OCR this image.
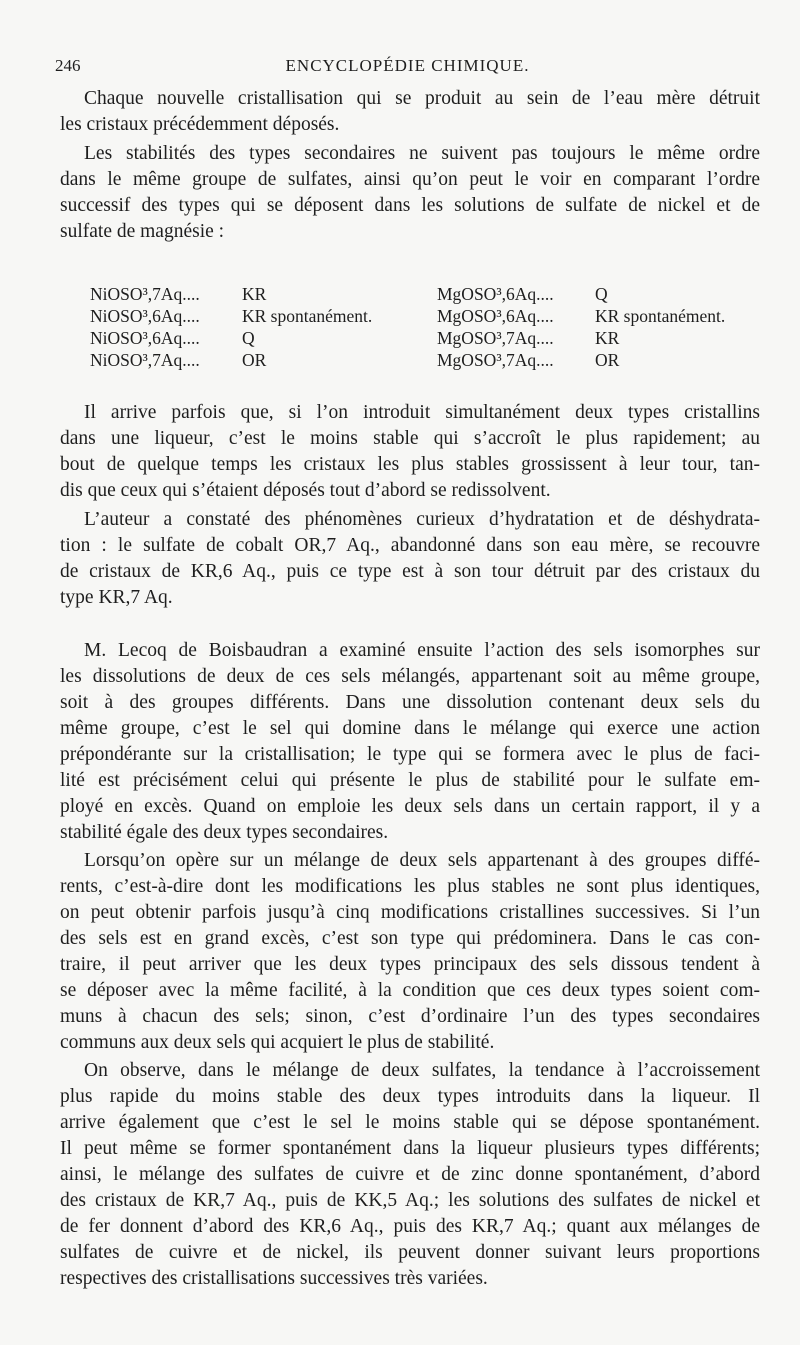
246	ENCYCLOPÉDIE CHIMIQUE.
Chaque nouvelle cristallisation qui se produit au sein de l’eau mère détruit
les cristaux précédemment déposés.
Les stabilités des types secondaires ne suivent pas toujours le même ordre
dans le même groupe de sulfates, ainsi qu’on peut le voir en comparant l’ordre
successif des types qui se déposent dans les solutions de sulfate de nickel et de
sulfate de magnésie :
Il arrive parfois que, si l’on introduit simultanément deux types cristallins
dans une liqueur, c’est le moins stable qui s’accroît le plus rapidement; au
bout de quelque temps les cristaux les plus stables grossissent à leur tour, tan-
dis que ceux qui s’étaient déposés tout d’abord se redissolvent.
L’auteur a constaté des phénomènes curieux d’hydratation et de déshydrata-
tion : le sulfate de cobalt OR,7 Aq., abandonné dans son eau mère, se recouvre
de cristaux de KR,6 Aq., puis ce type est à son tour détruit par des cristaux du
type KR,7 Aq.
M. Lecoq de Boisbaudran a examiné ensuite l’action des sels isomorphes sur
les dissolutions de deux de ces sels mélangés, appartenant soit au même groupe,
soit à des groupes différents. Dans une dissolution contenant deux sels du
même groupe, c’est le sel qui domine dans le mélange qui exerce une action
prépondérante sur la cristallisation; le type qui se formera avec le plus de faci-
lité est précisément celui qui présente le plus de stabilité pour le sulfate em-
ployé en excès. Quand on emploie les deux sels dans un certain rapport, il y a
stabilité égale des deux types secondaires.
Lorsqu’on opère sur un mélange de deux sels appartenant à des groupes diffé-
rents, c’est-à-dire dont les modifications les plus stables ne sont plus identiques,
on peut obtenir parfois jusqu’à cinq modifications cristallines successives. Si l’un
des sels est en grand excès, c’est son type qui prédominera. Dans le cas con-
traire, il peut arriver que les deux types principaux des sels dissous tendent à
se déposer avec la même facilité, à la condition que ces deux types soient com-
muns à chacun des sels; sinon, c’est d’ordinaire l’un des types secondaires
communs aux deux sels qui acquiert le plus de stabilité.
On observe, dans le mélange de deux sulfates, la tendance à l’accroissement
plus rapide du moins stable des deux types introduits dans la liqueur. Il
arrive également que c’est le sel le moins stable qui se dépose spontanément.
Il peut même se former spontanément dans la liqueur plusieurs types différents;
ainsi, le mélange des sulfates de cuivre et de zinc donne spontanément, d’abord
des cristaux de KR,7 Aq., puis de KK,5 Aq.; les solutions des sulfates de nickel et
de fer donnent d’abord des KR,6 Aq., puis des KR,7 Aq.; quant aux mélanges de
sulfates de cuivre et de nickel, ils peuvent donner suivant leurs proportions
respectives des cristallisations successives très variées.
NiOSO³,7Aq.... KR	MgOSO³,6Aq.... Q
NiOSO³,6Aq.... KR spontanément.	MgOSO³,6Aq.... KR spontanément.
NiOSO³,6Aq.... Q	MgOSO³,7Aq.... KR
NiOSO³,7Aq.... OR	MgOSO³,7Aq.... OR
